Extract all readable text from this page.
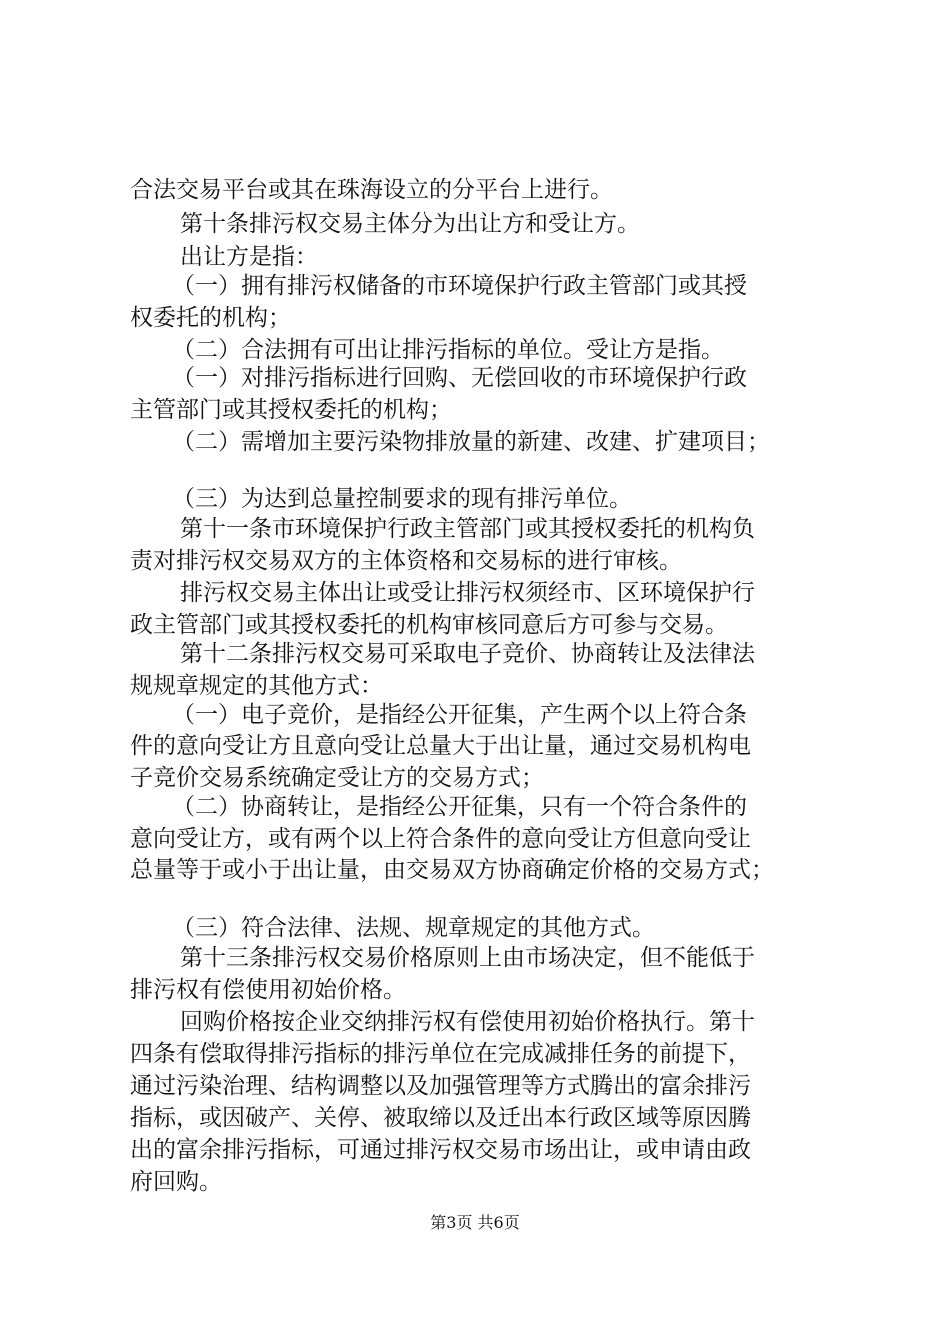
合法交易平台或其在珠海设立的分平台上进行。
第十条排污权交易主体分为出让方和受让方。
出让方是指：
（一）拥有排污权储备的市环境保护行政主管部门或其授
权委托的机构；
（二）合法拥有可出让排污指标的单位。受让方是指。
（一）对排污指标进行回购、无偿回收的市环境保护行政
主管部门或其授权委托的机构；
（二）需增加主要污染物排放量的新建、改建、扩建项目；
（三）为达到总量控制要求的现有排污单位。
第十一条市环境保护行政主管部门或其授权委托的机构负
责对排污权交易双方的主体资格和交易标的进行审核。
排污权交易主体出让或受让排污权须经市、区环境保护行
政主管部门或其授权委托的机构审核同意后方可参与交易。
第十二条排污权交易可采取电子竞价、协商转让及法律法
规规章规定的其他方式：
（一）电子竞价，是指经公开征集，产生两个以上符合条
件的意向受让方且意向受让总量大于出让量，通过交易机构电
子竞价交易系统确定受让方的交易方式；
（二）协商转让，是指经公开征集，只有一个符合条件的
意向受让方，或有两个以上符合条件的意向受让方但意向受让
总量等于或小于出让量，由交易双方协商确定价格的交易方式；
（三）符合法律、法规、规章规定的其他方式。
第十三条排污权交易价格原则上由市场决定，但不能低于
排污权有偿使用初始价格。
回购价格按企业交纳排污权有偿使用初始价格执行。第十
四条有偿取得排污指标的排污单位在完成减排任务的前提下，
通过污染治理、结构调整以及加强管理等方式腾出的富余排污
指标，或因破产、关停、被取缔以及迁出本行政区域等原因腾
出的富余排污指标，可通过排污权交易市场出让，或申请由政
府回购。
第3页 共6页
